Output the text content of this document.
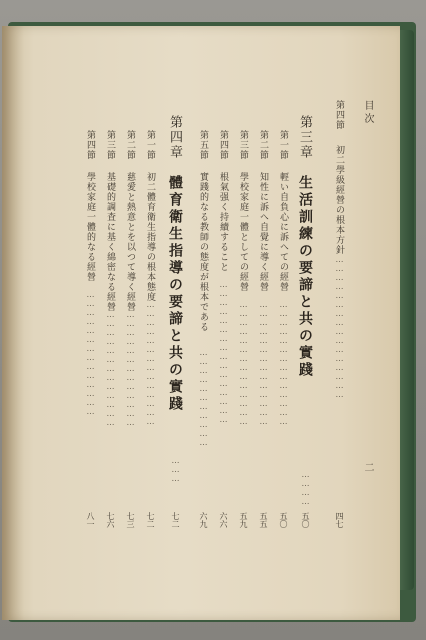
目次
二
第四節
初二學級經營の根本方針
…………………………………………
四七
第三章
生活訓練の要諦と共の實踐
…………
五〇
第一節
輕い自負心に訴へての經營
……………………………………
五〇
第二節
知性に訴へ自覺に導く經營
……………………………………
五五
第三節
學校家庭一體としての經營
……………………………………
五九
第四節
根氣强く持續すること
…………………………………………
六六
第五節
實踐的なる教師の態度が根本である
……………………………
六九
第四章
體育衛生指導の要諦と共の實踐
………
七二
第一節
初二體育衛生指導の根本態度
……………………………………
七二
第二節
慈愛と熱意とを以つて導く經營
…………………………………
七三
第三節
基礎的調査に基く綿密なる經營
…………………………………
七六
第四節
學校家庭一體的なる經營
……………………………………
八一
